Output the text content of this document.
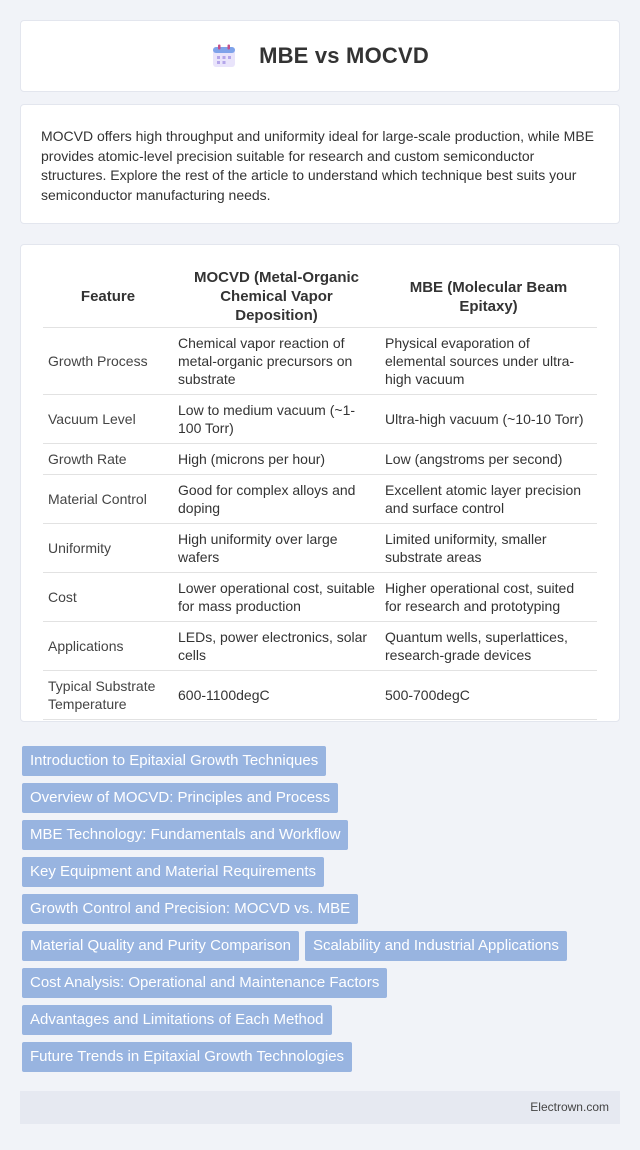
MBE vs MOCVD

MOCVD offers high throughput and uniformity ideal for large-scale production, while MBE provides atomic-level precision suitable for research and custom semiconductor structures. Explore the rest of the article to understand which technique best suits your semiconductor manufacturing needs.

Feature	MOCVD (Metal-Organic Chemical Vapor Deposition)	MBE (Molecular Beam Epitaxy)
Growth Process	Chemical vapor reaction of metal-organic precursors on substrate	Physical evaporation of elemental sources under ultra-high vacuum
Vacuum Level	Low to medium vacuum (~1-100 Torr)	Ultra-high vacuum (~10-10 Torr)
Growth Rate	High (microns per hour)	Low (angstroms per second)
Material Control	Good for complex alloys and doping	Excellent atomic layer precision and surface control
Uniformity	High uniformity over large wafers	Limited uniformity, smaller substrate areas
Cost	Lower operational cost, suitable for mass production	Higher operational cost, suited for research and prototyping
Applications	LEDs, power electronics, solar cells	Quantum wells, superlattices, research-grade devices
Typical Substrate Temperature	600-1100degC	500-700degC
Introduction to Epitaxial Growth Techniques
Overview of MOCVD: Principles and Process
MBE Technology: Fundamentals and Workflow
Key Equipment and Material Requirements
Growth Control and Precision: MOCVD vs. MBE
Material Quality and Purity Comparison	Scalability and Industrial Applications
Cost Analysis: Operational and Maintenance Factors
Advantages and Limitations of Each Method
Future Trends in Epitaxial Growth Technologies
Electrown.com
